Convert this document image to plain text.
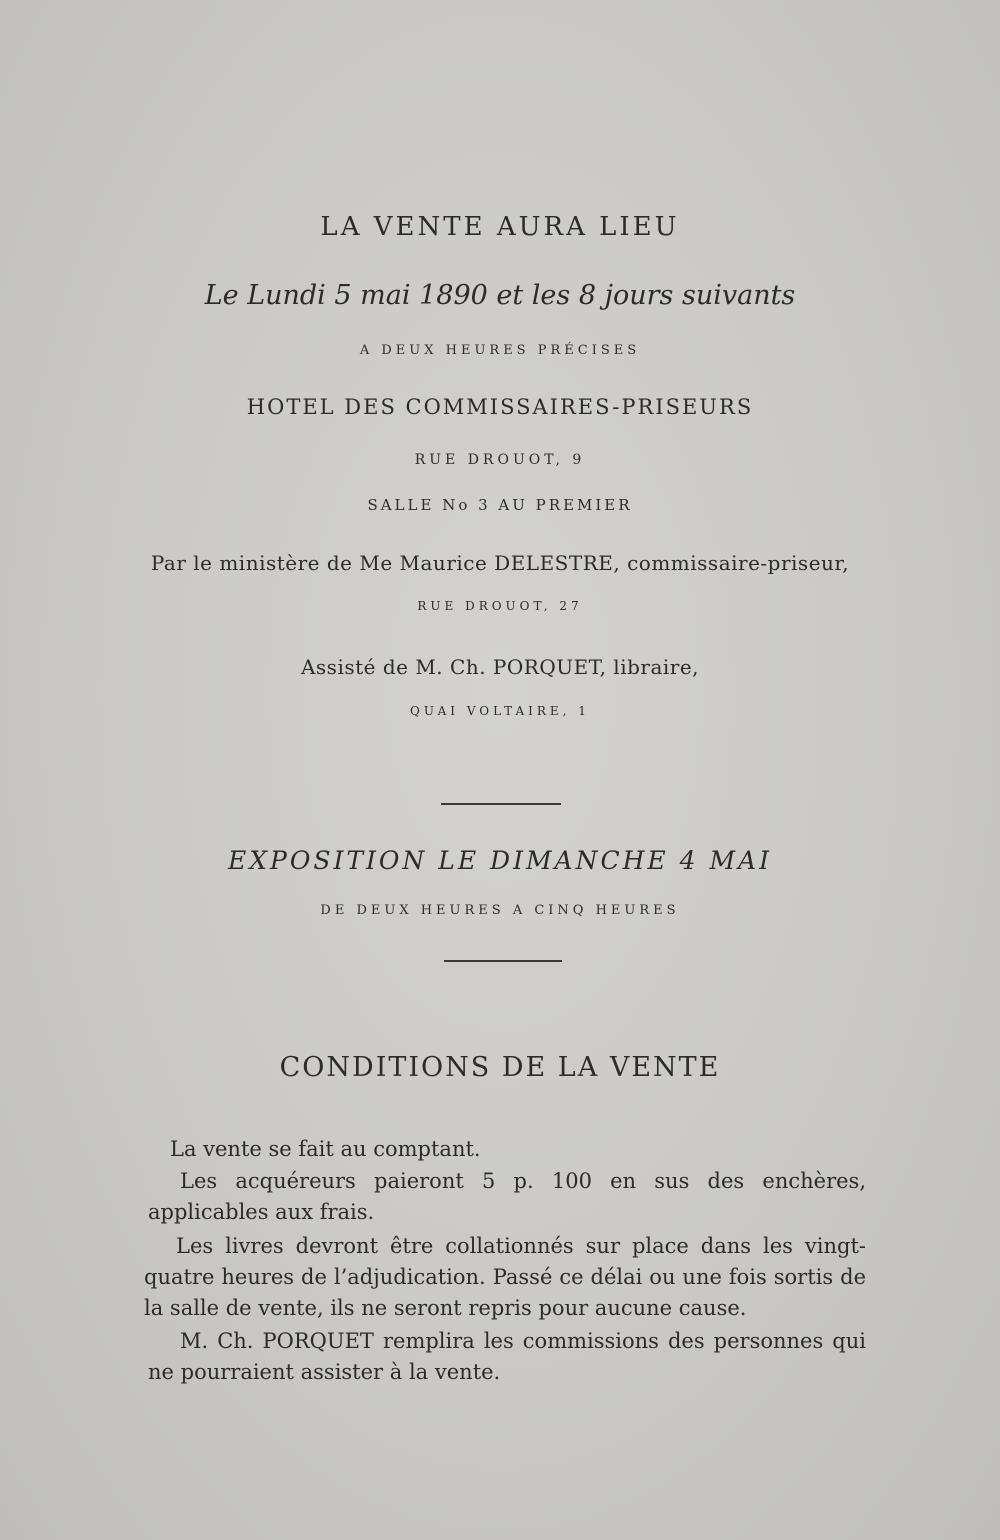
LA VENTE AURA LIEU
Le Lundi 5 mai 1890 et les 8 jours suivants
A DEUX HEURES PRÉCISES
HOTEL DES COMMISSAIRES-PRISEURS
RUE DROUOT, 9
SALLE No 3 AU PREMIER
Par le ministère de Me Maurice DELESTRE, commissaire-priseur,
RUE DROUOT, 27
Assisté de M. Ch. PORQUET, libraire,
QUAI VOLTAIRE, 1
EXPOSITION LE DIMANCHE 4 MAI
DE DEUX HEURES A CINQ HEURES
CONDITIONS DE LA VENTE
La vente se fait au comptant.
Les acquéreurs paieront 5 p. 100 en sus des enchères, applicables aux frais.
Les livres devront être collationnés sur place dans les vingt-quatre heures de l’adjudication. Passé ce délai ou une fois sortis de la salle de vente, ils ne seront repris pour aucune cause.
M. Ch. PORQUET remplira les commissions des personnes qui ne pourraient assister à la vente.
